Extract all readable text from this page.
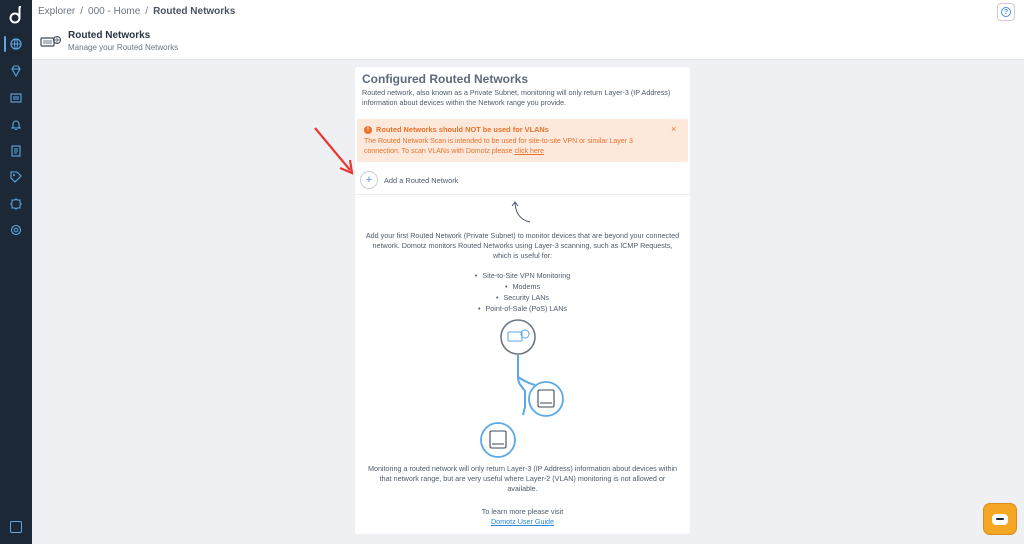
Explorer / 000 - Home / Routed Networks	?
Routed Networks
Manage your Routed Networks
Configured Routed Networks
Routed network, also known as a Private Subnet, monitoring will only return Layer-3 (IP Address) information about devices within the Network range you provide.
! Routed Networks should NOT be used for VLANs
The Routed Network Scan is intended to be used for site-to-site VPN or similar Layer 3 connection. To scan VLANs with Domotz please click here
×
+	Add a Routed Network
Add your first Routed Network (Private Subnet) to monitor devices that are beyond your connected network. Domotz monitors Routed Networks using Layer-3 scanning, such as ICMP Requests, which is useful for:
• Site-to-Site VPN Monitoring
• Modems
• Security LANs
• Point-of-Sale (PoS) LANs
Monitoring a routed network will only return Layer-3 (IP Address) information about devices within that network range, but are very useful where Layer-2 (VLAN) monitoring is not allowed or available.
To learn more please visit
Domotz User Guide
